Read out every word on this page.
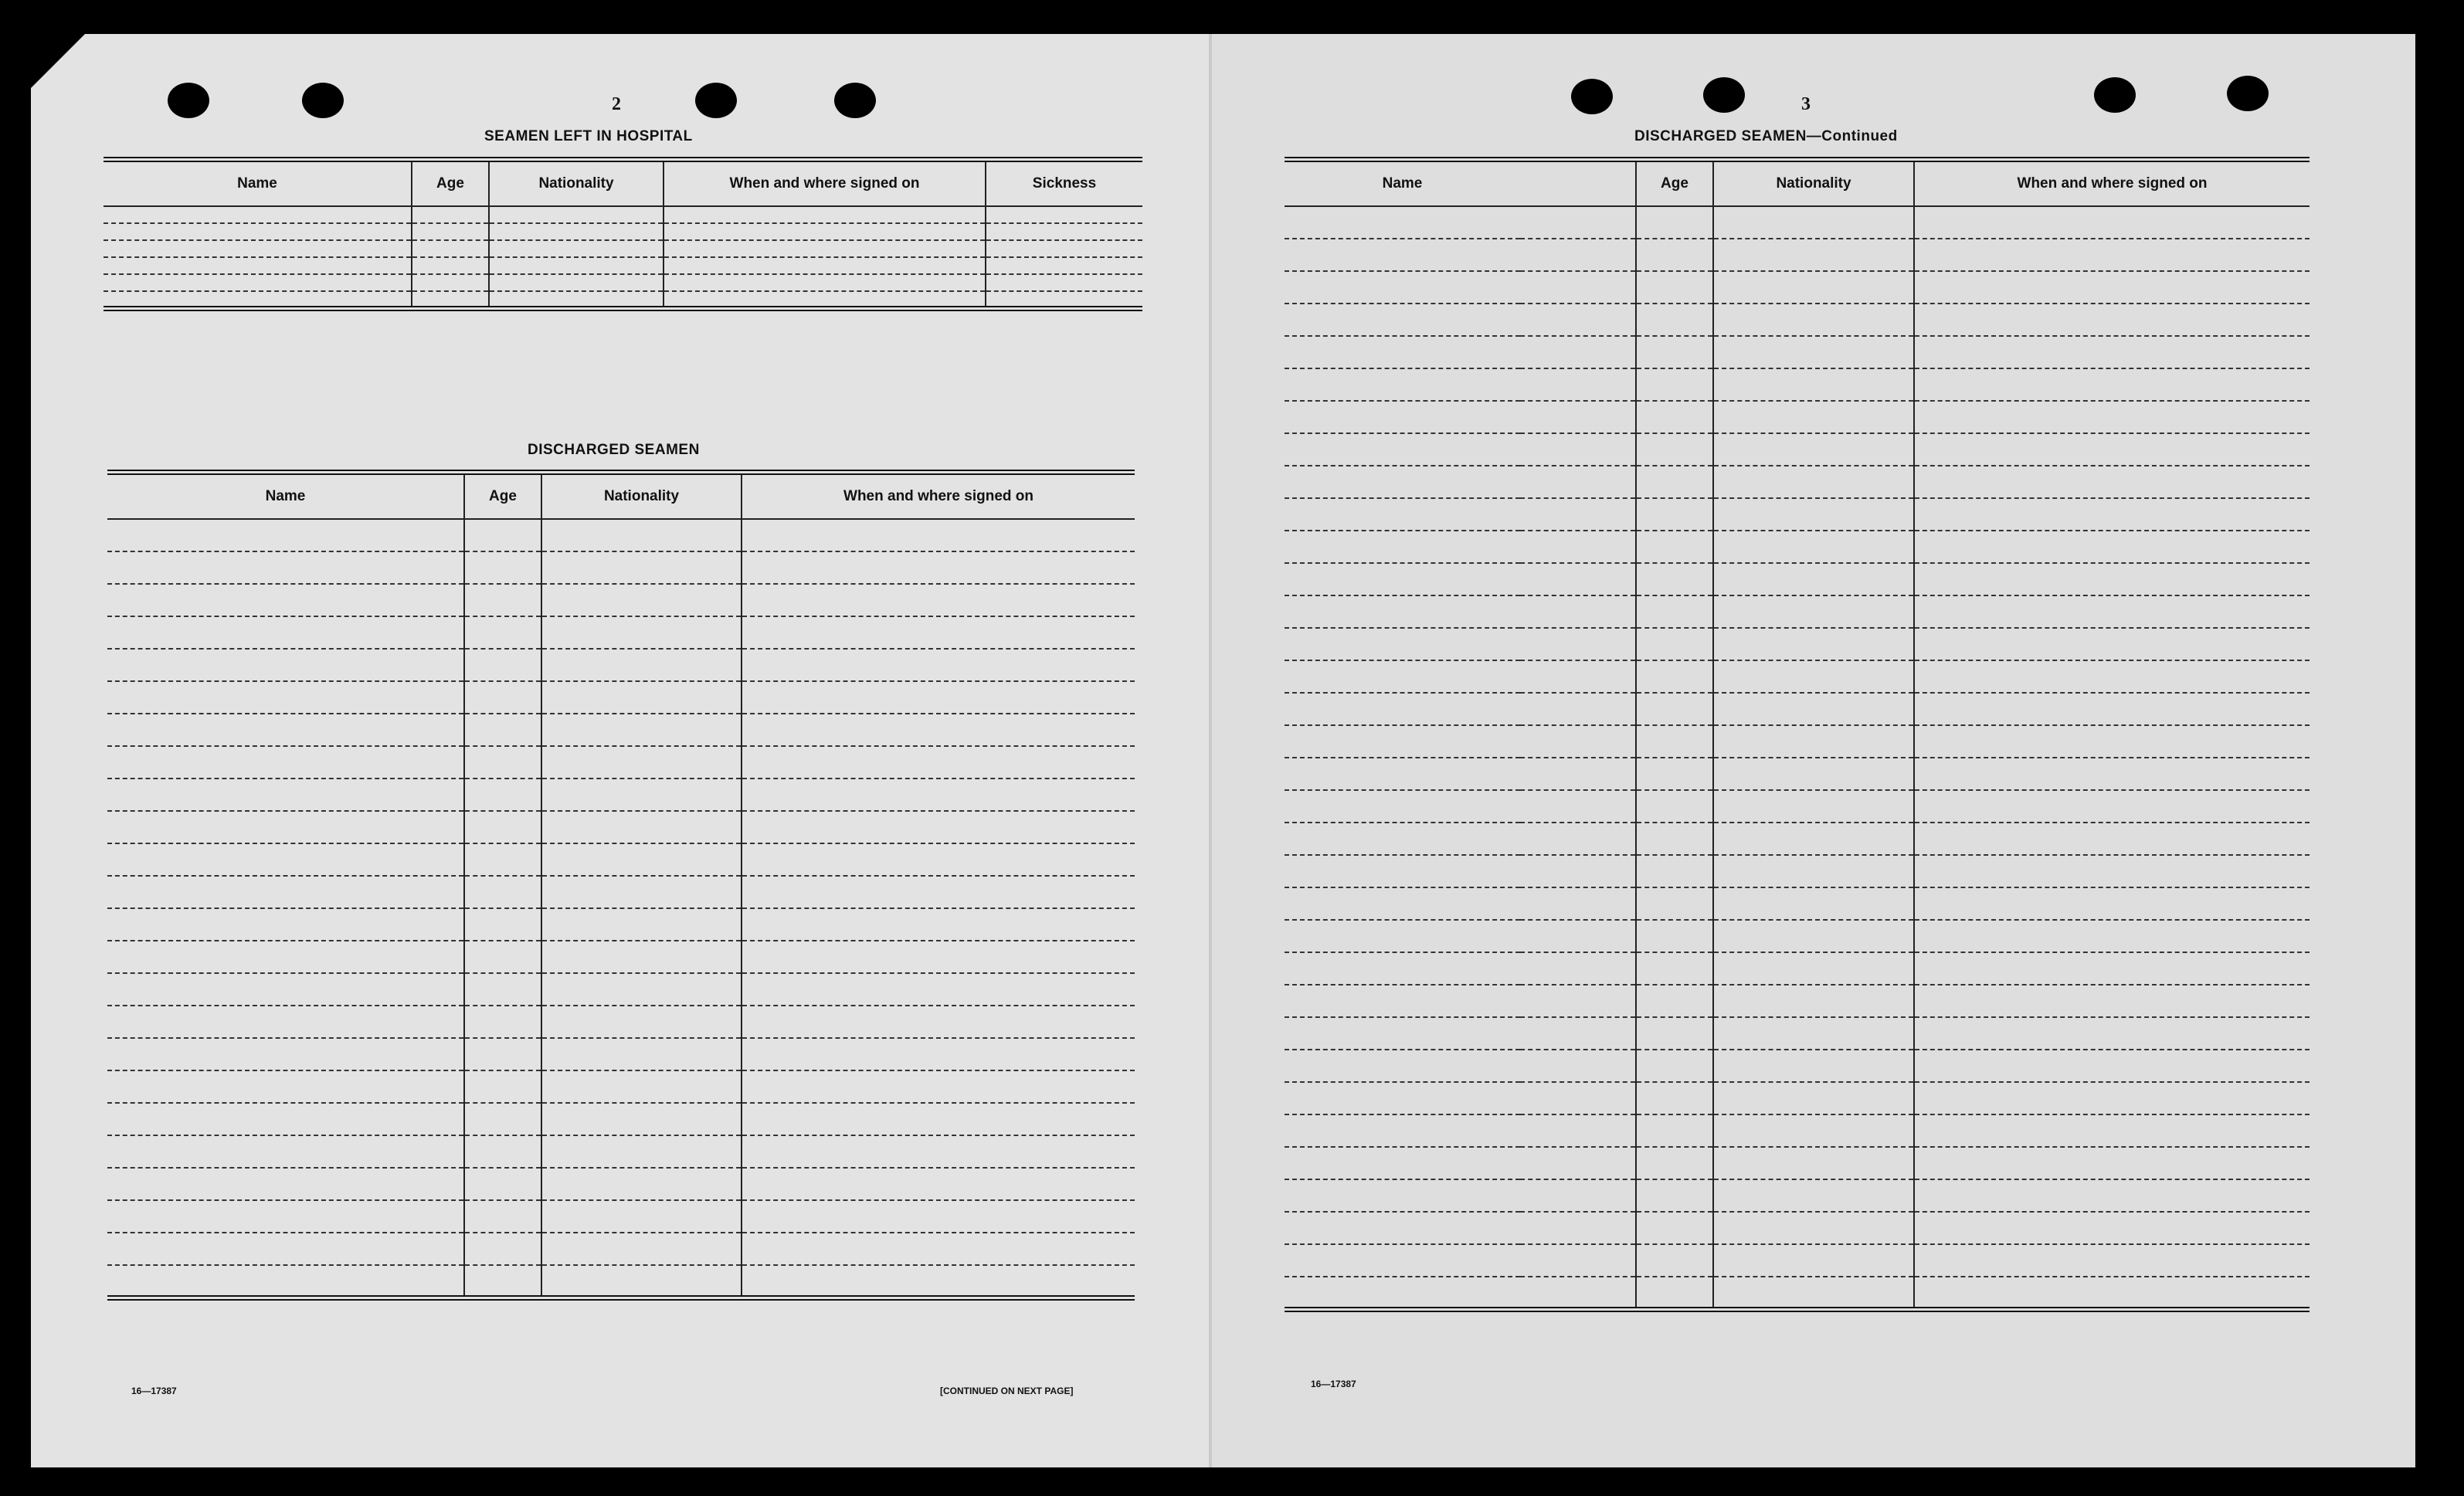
2
SEAMEN LEFT IN HOSPITAL
Name	Age	Nationality	When and where signed on	Sickness

DISCHARGED SEAMEN
Name	Age	Nationality	When and where signed on

16—17387	[CONTINUED ON NEXT PAGE]
3
DISCHARGED SEAMEN—Continued
Name		Age	Nationality	When and where signed on

16—17387
